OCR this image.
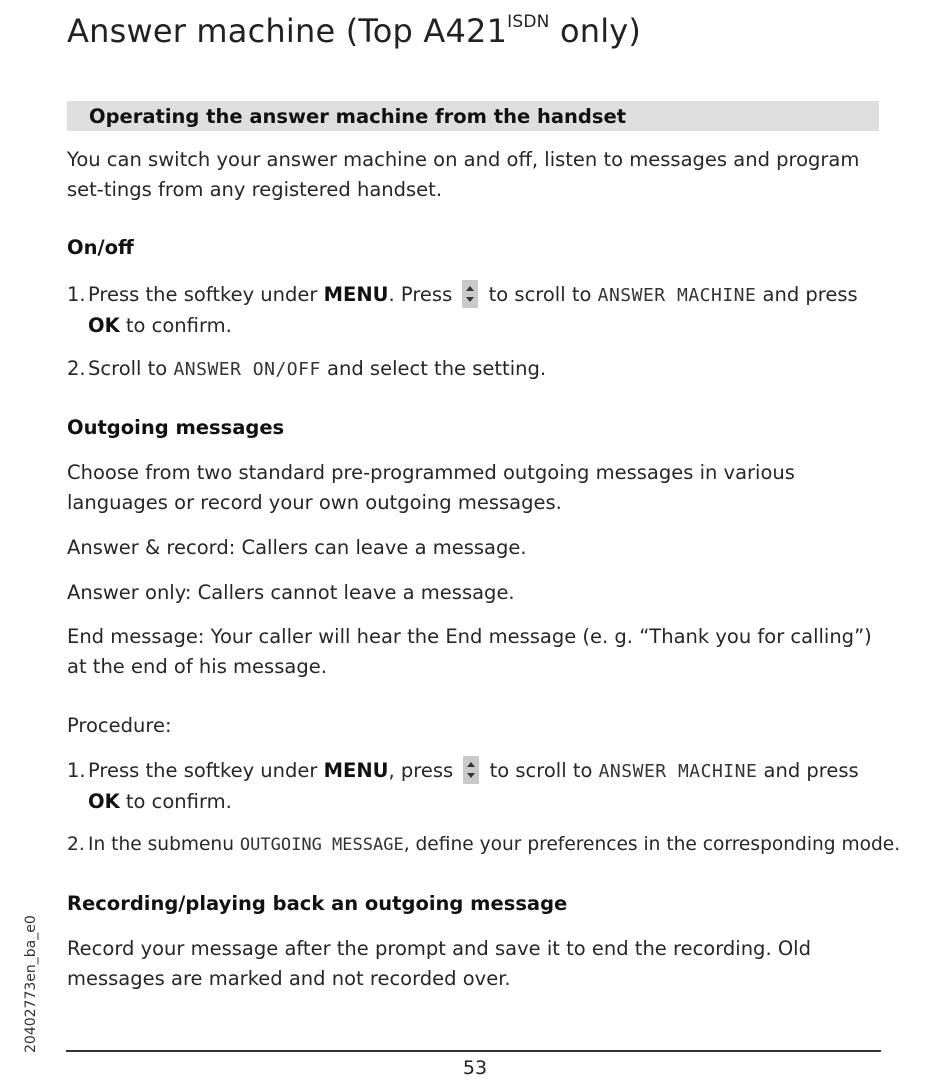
Answer machine (Top $A421^{ISDN}$ only)
Operating the answer machine from the handset
You can switch your answer machine on and off, listen to messages and program set-tings from any registered handset.
On/off
1. Press the softkey under MENU. Press
to scroll to ANSWER MACHINE and press OK to confirm.
2. Scroll to ANSWER ON/OFF and select the setting.
Outgoing messages
Choose from two standard pre-programmed outgoing messages in various languages or record your own outgoing messages.
Answer & record: Callers can leave a message.
Answer only: Callers cannot leave a message.
End message: Your caller will hear the End message (e. g. “Thank you for calling”) at the end of his message.
Procedure:
1. Press the softkey under MENU, press
to scroll to ANSWER MACHINE and press OK to confirm.
2. In the submenu OUTGOING MESSAGE, define your preferences in the corresponding mode.
Recording/playing back an outgoing message
Record your message after the prompt and save it to end the recording. Old messages are marked and not recorded over.
20402773en_ba_e0
53
